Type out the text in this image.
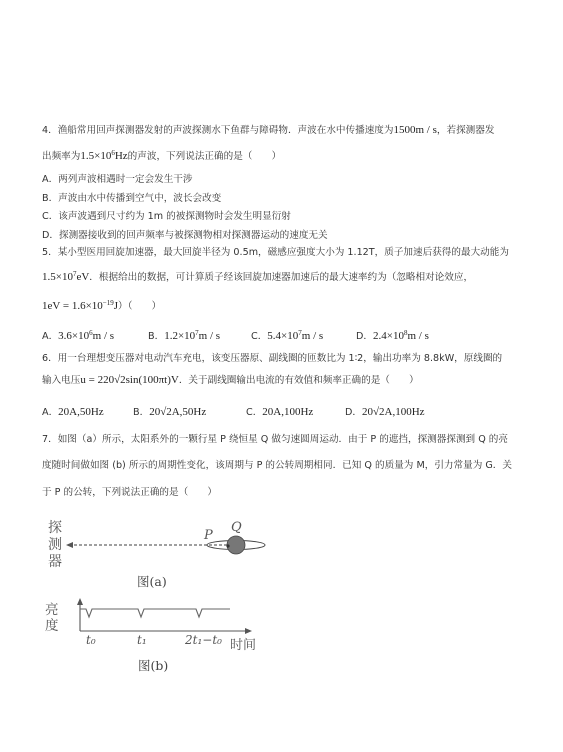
4．渔船常用回声探测器发射的声波探测水下鱼群与障碍物．声波在水中传播速度为1500m / s，若探测器发
出频率为$1.5\times 10^6Hz$的声波，下列说法正确的是（　　）
A．两列声波相遇时一定会发生干涉
B．声波由水中传播到空气中，波长会改变
C．该声波遇到尺寸约为 1m 的被探测物时会发生明显衍射
D．探测器接收到的回声频率与被探测物相对探测器运动的速度无关
5．某小型医用回旋加速器，最大回旋半径为 0.5m，磁感应强度大小为 1.12T，质子加速后获得的最大动能为
$1.5\times 10^7eV$．根据给出的数据，可计算质子经该回旋加速器加速后的最大速率约为（忽略相对论效应，
$1eV = 1.6\times 10^{-19}J$）（　　）
A．$3.6\times 10^6m / s$	B．$1.2\times 10^7m / s$	C．$5.4\times 10^7m / s$	D．$2.4\times 10^8m / s$
6．用一台理想变压器对电动汽车充电，该变压器原、副线圈的匝数比为 1∶2，输出功率为 8.8kW，原线圈的
输入电压u = 220√2sin(100πt)V．关于副线圈输出电流的有效值和频率正确的是（　　）
A．20A,50Hz	B．20√2A,50Hz	C．20A,100Hz	D．20√2A,100Hz
7．如图（a）所示，太阳系外的一颗行星 P 绕恒星 Q 做匀速圆周运动．由于 P 的遮挡，探测器探测到 Q 的亮
度随时间做如图 (b) 所示的周期性变化，该周期与 P 的公转周期相同．已知 Q 的质量为 M，引力常量为 G．关
于 P 的公转，下列说法正确的是（　　）
探
测
器
P
Q
图(a)
亮
度
t₀	t₁	2t₁−t₀ 时间
图(b)
